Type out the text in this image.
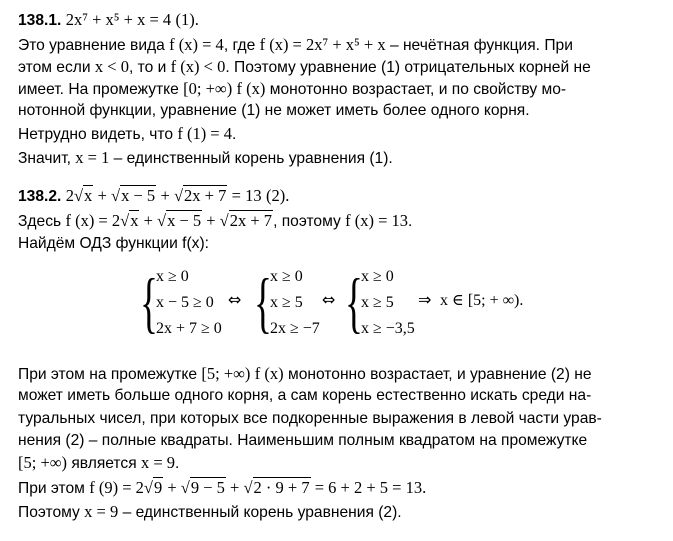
138.1. 2x⁷ + x⁵ + x = 4 (1).
Это уравнение вида f (x) = 4, где f (x) = 2x⁷ + x⁵ + x – нечётная функция. При
этом если x < 0, то и f (x) < 0. Поэтому уравнение (1) отрицательных корней не
имеет. На промежутке [0; +∞) f (x) монотонно возрастает, и по свойству мо-
нотонной функции, уравнение (1) не может иметь более одного корня.
Нетрудно видеть, что f (1) = 4.
Значит, x = 1 – единственный корень уравнения (1).
138.2. 2√x + √x − 5 + √2x + 7 = 13 (2).
Здесь f (x) = 2√x + √x − 5 + √2x + 7, поэтому f (x) = 13.
Найдём ОДЗ функции f(x):
{
x ≥ 0
x − 5 ≥ 0
2x + 7 ≥ 0
⇔ {
x ≥ 0
x ≥ 5
2x ≥ −7
⇔ {
x ≥ 0
x ≥ 5
x ≥ −3,5
⇒ x ∈ [5; + ∞).
При этом на промежутке [5; +∞) f (x) монотонно возрастает, и уравнение (2) не
может иметь больше одного корня, а сам корень естественно искать среди на-
туральных чисел, при которых все подкоренные выражения в левой части урав-
нения (2) – полные квадраты. Наименьшим полным квадратом на промежутке
[5; +∞) является x = 9.
При этом f (9) = 2√9 + √9 − 5 + √2 · 9 + 7 = 6 + 2 + 5 = 13.
Поэтому x = 9 – единственный корень уравнения (2).
